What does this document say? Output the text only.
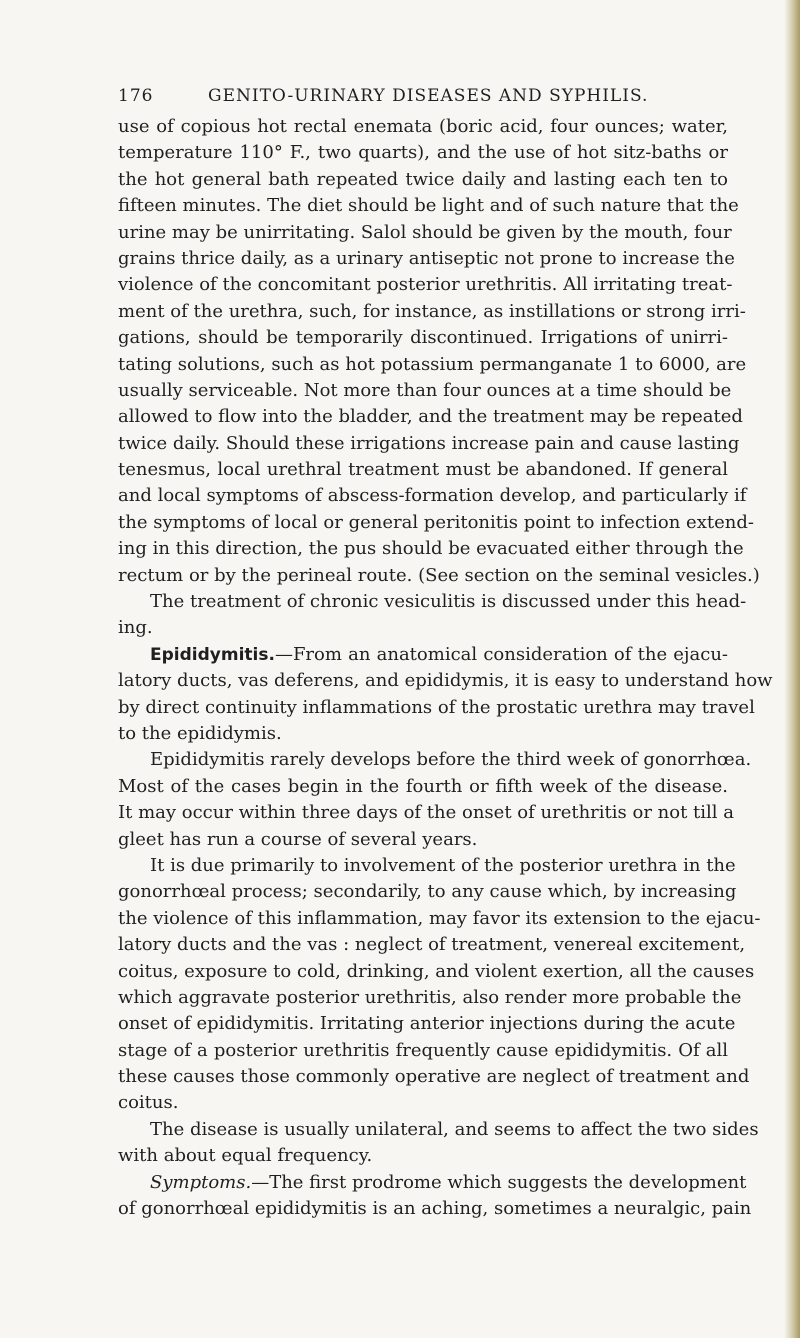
176	GENITO-URINARY DISEASES AND SYPHILIS.
use of copious hot rectal enemata (boric acid, four ounces; water,
temperature 110° F., two quarts), and the use of hot sitz-baths or
the hot general bath repeated twice daily and lasting each ten to
fifteen minutes. The diet should be light and of such nature that the
urine may be unirritating. Salol should be given by the mouth, four
grains thrice daily, as a urinary antiseptic not prone to increase the
violence of the concomitant posterior urethritis. All irritating treat-
ment of the urethra, such, for instance, as instillations or strong irri-
gations, should be temporarily discontinued. Irrigations of unirri-
tating solutions, such as hot potassium permanganate 1 to 6000, are
usually serviceable. Not more than four ounces at a time should be
allowed to flow into the bladder, and the treatment may be repeated
twice daily. Should these irrigations increase pain and cause lasting
tenesmus, local urethral treatment must be abandoned. If general
and local symptoms of abscess-formation develop, and particularly if
the symptoms of local or general peritonitis point to infection extend-
ing in this direction, the pus should be evacuated either through the
rectum or by the perineal route. (See section on the seminal vesicles.)
The treatment of chronic vesiculitis is discussed under this head-
ing.
Epididymitis.—From an anatomical consideration of the ejacu-
latory ducts, vas deferens, and epididymis, it is easy to understand how
by direct continuity inflammations of the prostatic urethra may travel
to the epididymis.
Epididymitis rarely develops before the third week of gonorrhœa.
Most of the cases begin in the fourth or fifth week of the disease.
It may occur within three days of the onset of urethritis or not till a
gleet has run a course of several years.
It is due primarily to involvement of the posterior urethra in the
gonorrhœal process; secondarily, to any cause which, by increasing
the violence of this inflammation, may favor its extension to the ejacu-
latory ducts and the vas : neglect of treatment, venereal excitement,
coitus, exposure to cold, drinking, and violent exertion, all the causes
which aggravate posterior urethritis, also render more probable the
onset of epididymitis. Irritating anterior injections during the acute
stage of a posterior urethritis frequently cause epididymitis. Of all
these causes those commonly operative are neglect of treatment and
coitus.
The disease is usually unilateral, and seems to affect the two sides
with about equal frequency.
Symptoms.—The first prodrome which suggests the development
of gonorrhœal epididymitis is an aching, sometimes a neuralgic, pain
